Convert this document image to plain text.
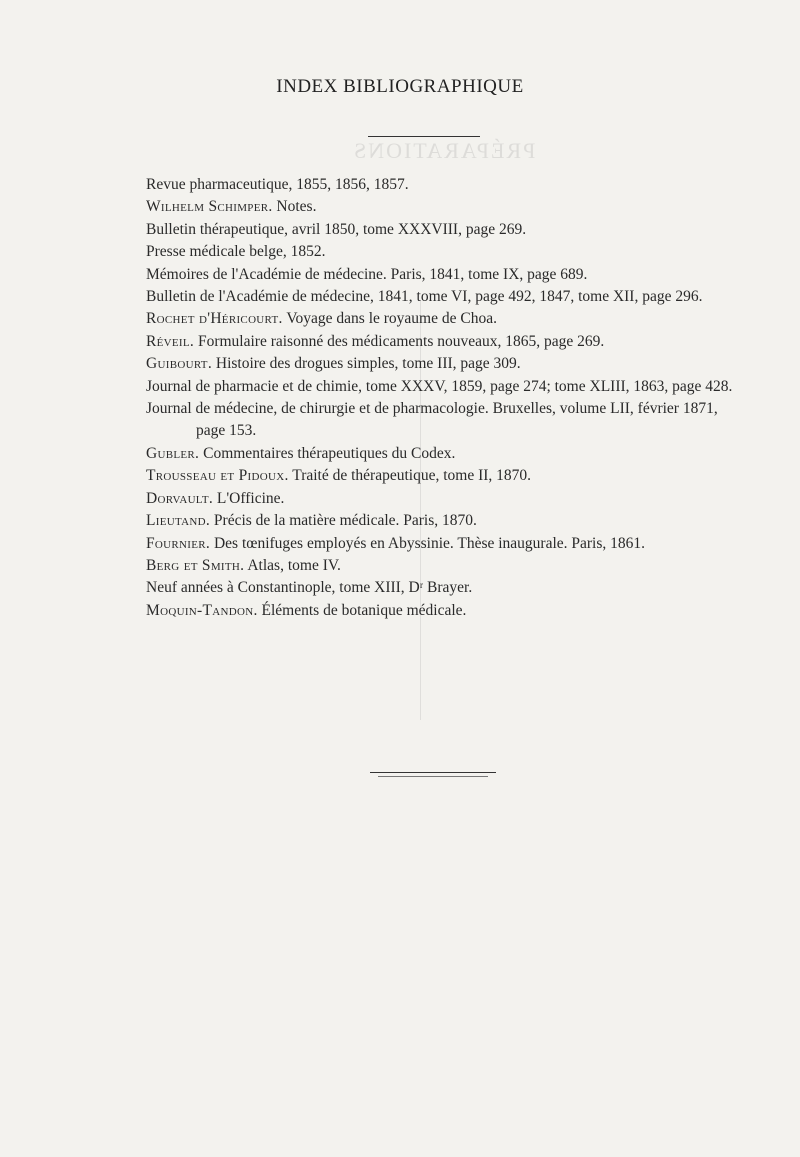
PRÉPARATIONS
INDEX BIBLIOGRAPHIQUE

Revue pharmaceutique, 1855, 1856, 1857.

Wilhelm Schimper. Notes.

Bulletin thérapeutique, avril 1850, tome XXXVIII, page 269.

Presse médicale belge, 1852.

Mémoires de l'Académie de médecine. Paris, 1841, tome IX, page 689.

Bulletin de l'Académie de médecine, 1841, tome VI, page 492, 1847, tome XII, page 296.

Rochet d'Héricourt. Voyage dans le royaume de Choa.

Réveil. Formulaire raisonné des médicaments nouveaux, 1865, page 269.

Guibourt. Histoire des drogues simples, tome III, page 309.

Journal de pharmacie et de chimie, tome XXXV, 1859, page 274; tome XLIII, 1863, page 428.

Journal de médecine, de chirurgie et de pharmacologie. Bruxelles, volume LII, février 1871, page 153.

Gubler. Commentaires thérapeutiques du Codex.

Trousseau et Pidoux. Traité de thérapeutique, tome II, 1870.

Dorvault. L'Officine.

Lieutand. Précis de la matière médicale. Paris, 1870.

Fournier. Des tœnifuges employés en Abyssinie. Thèse inaugurale. Paris, 1861.

Berg et Smith. Atlas, tome IV.

Neuf années à Constantinople, tome XIII, Dʳ Brayer.

Moquin-Tandon. Éléments de botanique médicale.
